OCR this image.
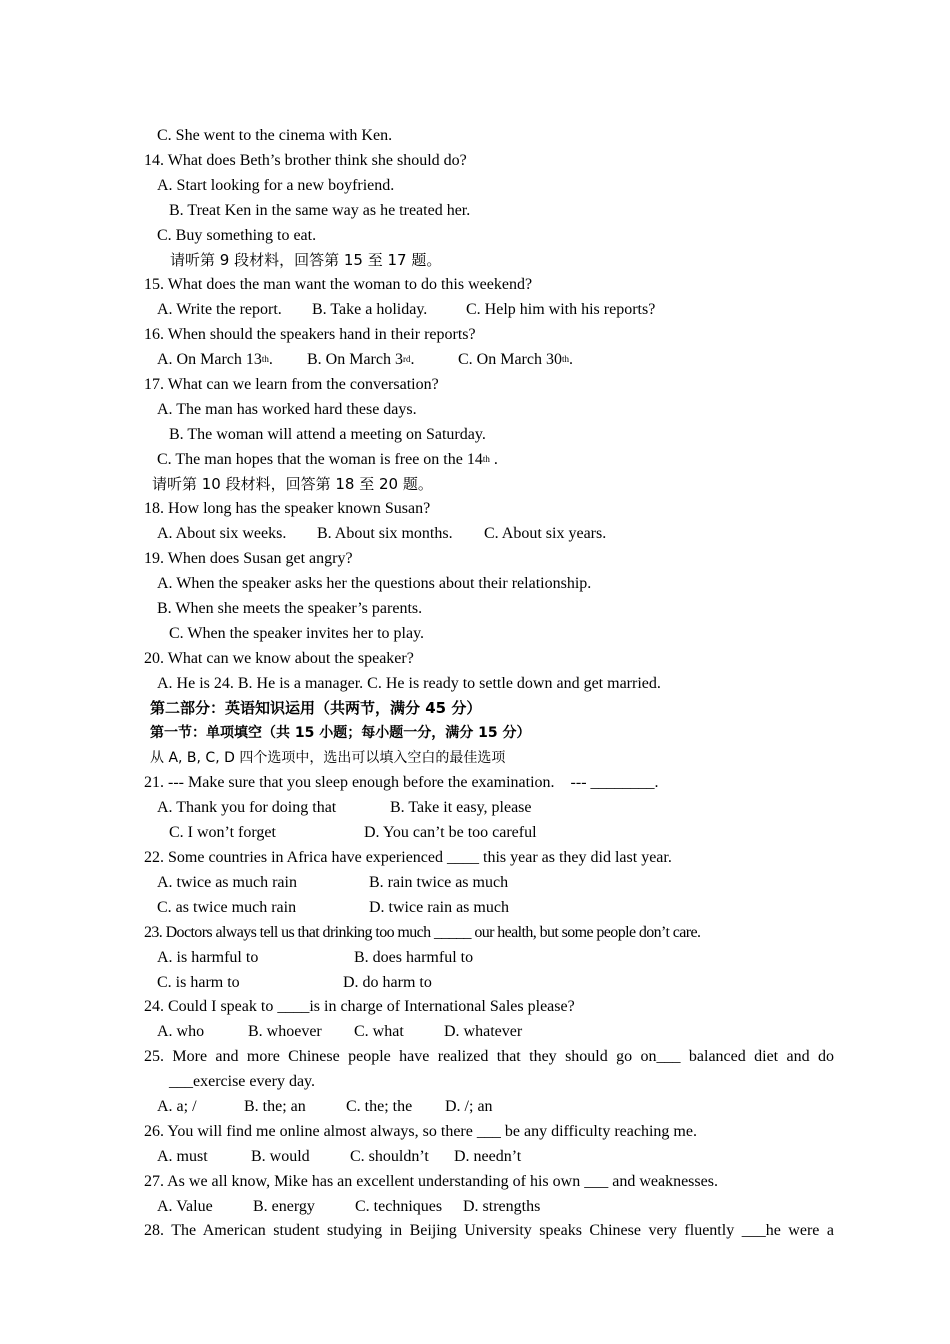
C. She went to the cinema with Ken.
14. What does Beth’s brother think she should do?
A. Start looking for a new boyfriend.
B. Treat Ken in the same way as he treated her.
C. Buy something to eat.
请听第 9 段材料，回答第 15 至 17 题。
15. What does the man want the woman to do this weekend?
A. Write the report. B. Take a holiday. C. Help him with his reports?
16. When should the speakers hand in their reports?
A. On March 13th. B. On March 3rd.	C. On March 30th.
17. What can we learn from the conversation?
A. The man has worked hard these days.
B. The woman will attend a meeting on Saturday.
C. The man hopes that the woman is free on the 14th .
请听第 10 段材料，回答第 18 至 20 题。
18. How long has the speaker known Susan?
A. About six weeks. B. About six months. C. About six years.
19. When does Susan get angry?
A. When the speaker asks her the questions about their relationship.
B. When she meets the speaker’s parents.
C. When the speaker invites her to play.
20. What can we know about the speaker?
A. He is 24. B. He is a manager. C. He is ready to settle down and get married.
第二部分：英语知识运用（共两节，满分 45 分）
第一节：单项填空（共 15 小题；每小题一分，满分 15 分）
从 A, B, C, D 四个选项中，选出可以填入空白的最佳选项
21. --- Make sure that you sleep enough before the examination.    --- ________.
A. Thank you for doing that	B. Take it easy, please
C. I won’t forget	D. You can’t be too careful
22. Some countries in Africa have experienced ____ this year as they did last year.
A. twice as much rain	B. rain twice as much
C. as twice much rain	D. twice rain as much
23. Doctors always tell us that drinking too much _____ our health, but some people don’t care.
A. is harmful to	B. does harmful to
C. is harm to	D. do harm to
24. Could I speak to ____is in charge of International Sales please?
A. who	B. whoever C. what	D. whatever
25. More and more Chinese people have realized that they should go on___ balanced diet and do
___exercise every day.
A. a; /	B. the; an	C. the; the D. /; an
26. You will find me online almost always, so there ___ be any difficulty reaching me.
A. must	B. would	C. shouldn’t D. needn’t
27. As we all know, Mike has an excellent understanding of his own ___ and weaknesses.
A. Value	B. energy	C. techniques D. strengths
28. The American student studying in Beijing University speaks Chinese very fluently ___he were a
